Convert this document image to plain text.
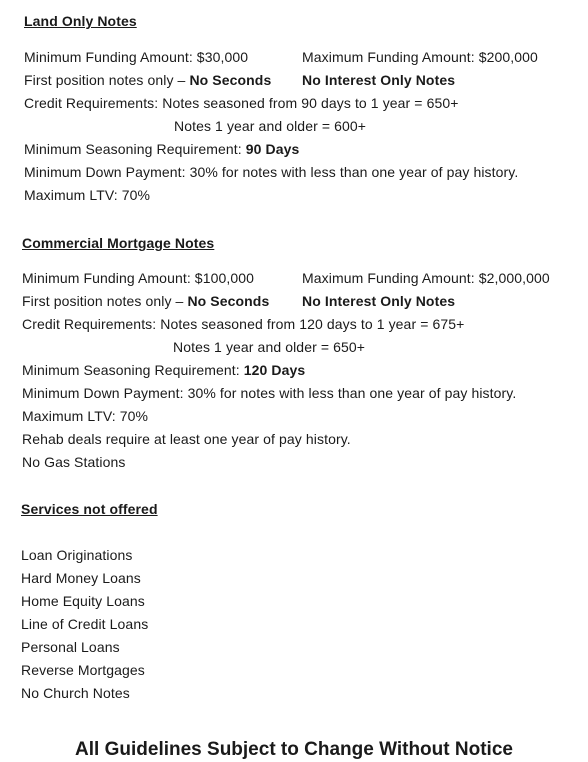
Land Only Notes
Minimum Funding Amount: $30,000	Maximum Funding Amount: $200,000
First position notes only – No Seconds No Interest Only Notes
Credit Requirements: Notes seasoned from 90 days to 1 year = 650+
Notes 1 year and older = 600+
Minimum Seasoning Requirement: 90 Days
Minimum Down Payment: 30% for notes with less than one year of pay history.
Maximum LTV: 70%
Commercial Mortgage Notes
Minimum Funding Amount: $100,000	Maximum Funding Amount: $2,000,000
First position notes only – No Seconds No Interest Only Notes
Credit Requirements: Notes seasoned from 120 days to 1 year = 675+
Notes 1 year and older = 650+
Minimum Seasoning Requirement: 120 Days
Minimum Down Payment: 30% for notes with less than one year of pay history.
Maximum LTV: 70%
Rehab deals require at least one year of pay history.
No Gas Stations
Services not offered
Loan Originations
Hard Money Loans
Home Equity Loans
Line of Credit Loans
Personal Loans
Reverse Mortgages
No Church Notes
All Guidelines Subject to Change Without Notice
